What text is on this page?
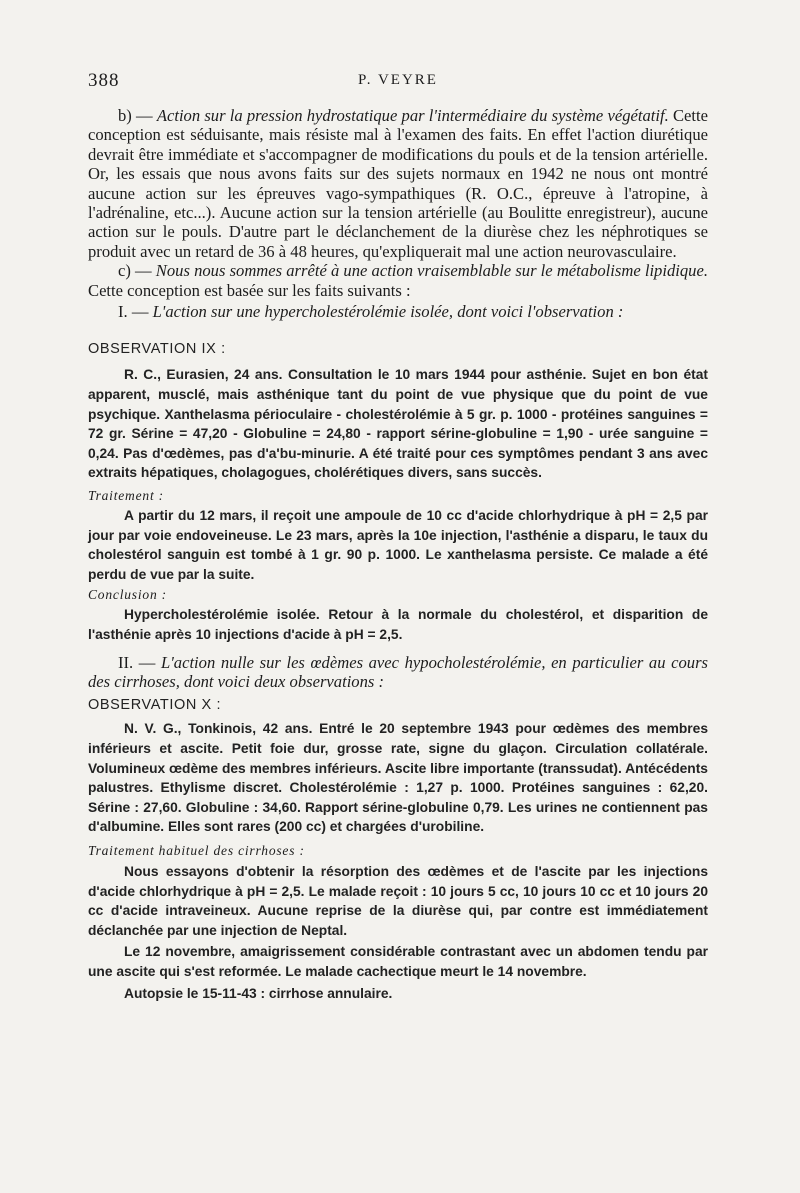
388	P. VEYRE

b) — Action sur la pression hydrostatique par l'intermédiaire du système végétatif. Cette conception est séduisante, mais résiste mal à l'examen des faits. En effet l'action diurétique devrait être immédiate et s'accompagner de modifications du pouls et de la tension artérielle. Or, les essais que nous avons faits sur des sujets normaux en 1942 ne nous ont montré aucune action sur les épreuves vago-sympathiques (R. O.C., épreuve à l'atropine, à l'adrénaline, etc...). Aucune action sur la tension artérielle (au Boulitte enregistreur), aucune action sur le pouls. D'autre part le déclanchement de la diurèse chez les néphrotiques se produit avec un retard de 36 à 48 heures, qu'expliquerait mal une action neurovasculaire.

c) — Nous nous sommes arrêté à une action vraisemblable sur le métabolisme lipidique. Cette conception est basée sur les faits suivants :

I. — L'action sur une hypercholestérolémie isolée, dont voici l'observation :

OBSERVATION IX :

R. C., Eurasien, 24 ans. Consultation le 10 mars 1944 pour asthénie. Sujet en bon état apparent, musclé, mais asthénique tant du point de vue physique que du point de vue psychique. Xanthelasma périoculaire - cholestérolémie à 5 gr. p. 1000 - protéines sanguines = 72 gr. Sérine = 47,20 - Globuline = 24,80 - rapport sérine-globuline = 1,90 - urée sanguine = 0,24. Pas d'œdèmes, pas d'a'bu-minurie. A été traité pour ces symptômes pendant 3 ans avec extraits hépatiques, cholagogues, cholérétiques divers, sans succès.

Traitement :

A partir du 12 mars, il reçoit une ampoule de 10 cc d'acide chlorhydrique à pH = 2,5 par jour par voie endoveineuse. Le 23 mars, après la 10e injection, l'asthénie a disparu, le taux du cholestérol sanguin est tombé à 1 gr. 90 p. 1000. Le xanthelasma persiste. Ce malade a été perdu de vue par la suite.

Conclusion :

Hypercholestérolémie isolée. Retour à la normale du cholestérol, et disparition de l'asthénie après 10 injections d'acide à pH = 2,5.

II. — L'action nulle sur les œdèmes avec hypocholestérolémie, en particulier au cours des cirrhoses, dont voici deux observations :

OBSERVATION X :

N. V. G., Tonkinois, 42 ans. Entré le 20 septembre 1943 pour œdèmes des membres inférieurs et ascite. Petit foie dur, grosse rate, signe du glaçon. Circulation collatérale. Volumineux œdème des membres inférieurs. Ascite libre importante (transsudat). Antécédents palustres. Ethylisme discret. Cholestérolémie : 1,27 p. 1000. Protéines sanguines : 62,20. Sérine : 27,60. Globuline : 34,60. Rapport sérine-globuline 0,79. Les urines ne contiennent pas d'albumine. Elles sont rares (200 cc) et chargées d'urobiline.

Traitement habituel des cirrhoses :

Nous essayons d'obtenir la résorption des œdèmes et de l'ascite par les injections d'acide chlorhydrique à pH = 2,5. Le malade reçoit : 10 jours 5 cc, 10 jours 10 cc et 10 jours 20 cc d'acide intraveineux. Aucune reprise de la diurèse qui, par contre est immédiatement déclanchée par une injection de Neptal.

Le 12 novembre, amaigrissement considérable contrastant avec un abdomen tendu par une ascite qui s'est reformée. Le malade cachectique meurt le 14 novembre.

Autopsie le 15-11-43 : cirrhose annulaire.
